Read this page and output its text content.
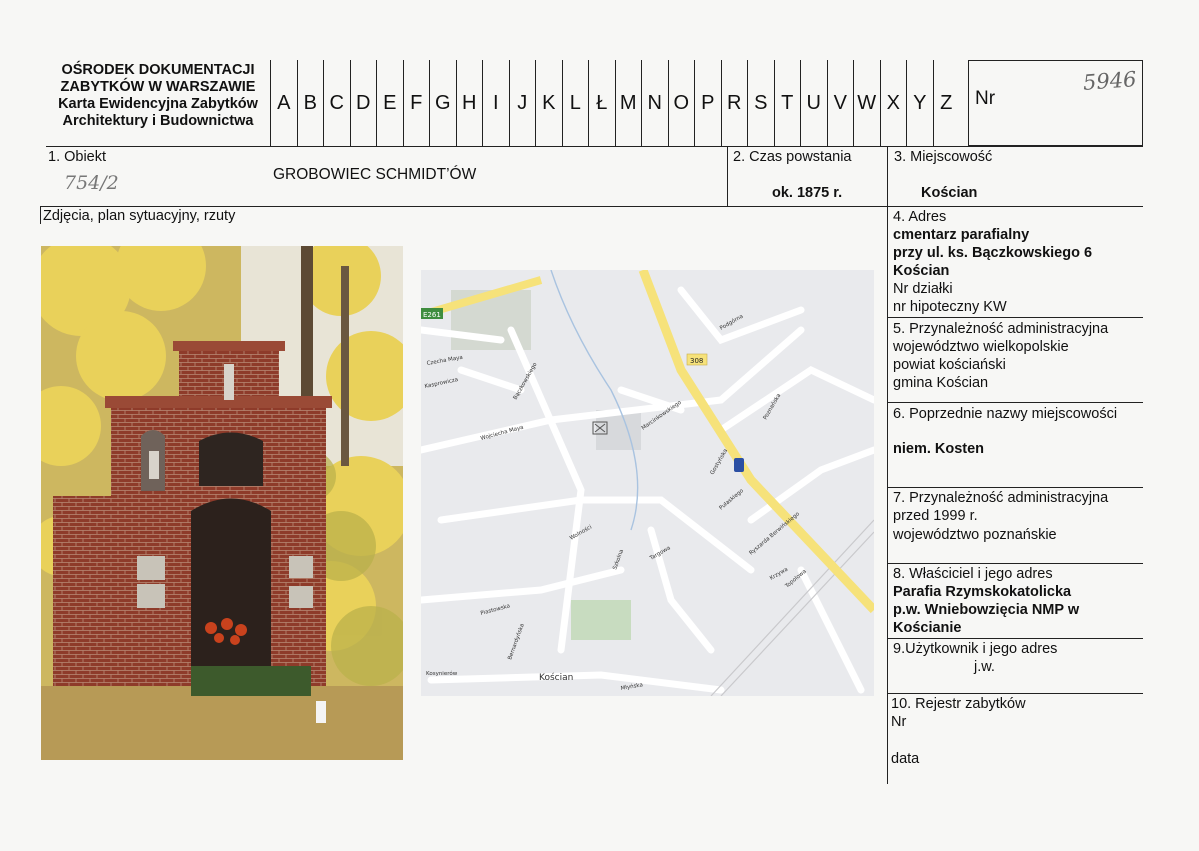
OŚRODEK DOKUMENTACJI
ZABYTKÓW W WARSZAWIE
Karta Ewidencyjna Zabytków
Architektury i Budownictwa
A B C D E F G H I J K L Ł M N O P R S T U V W X Y Z	Nr
5946
1. Obiekt
754/2	GROBOWIEC SCHMIDT’ÓW
2. Czas powstania
ok. 1875 r.
3. Miejscowość
Kościan
Zdjęcia, plan sytuacyjny, rzuty	4. Adres
cmentarz parafialny
przy ul. ks. Bączkowskiego 6
Kościan
Nr działki
nr hipoteczny KW
5. Przynależność administracyjna
województwo wielkopolskie
powiat kościański
gmina Kościan
6. Poprzednie nazwy miejscowości
niem. Kosten
7. Przynależność administracyjna
przed 1999 r.
województwo poznańskie
8. Właściciel i jego adres
Parafia Rzymskokatolicka
p.w. Wniebowzięcia NMP w
Kościanie
9.Użytkownik i jego adres
j.w.
10. Rejestr zabytków
Nr
data
308
E261
Kościan
Czecha Maya
Kasprowicza
Wojciecha Maya
Gostyńska
Marcinkowskiego
Pułaskiego
Piastowska
Bernardyńska
Młyńska
Ryszarda Berwińskiego
Topolowa
Szkolna
Podgórna
Poznańska
Kosynierów
Targowa
Krzywa
Wolności
Bączkowskiego
